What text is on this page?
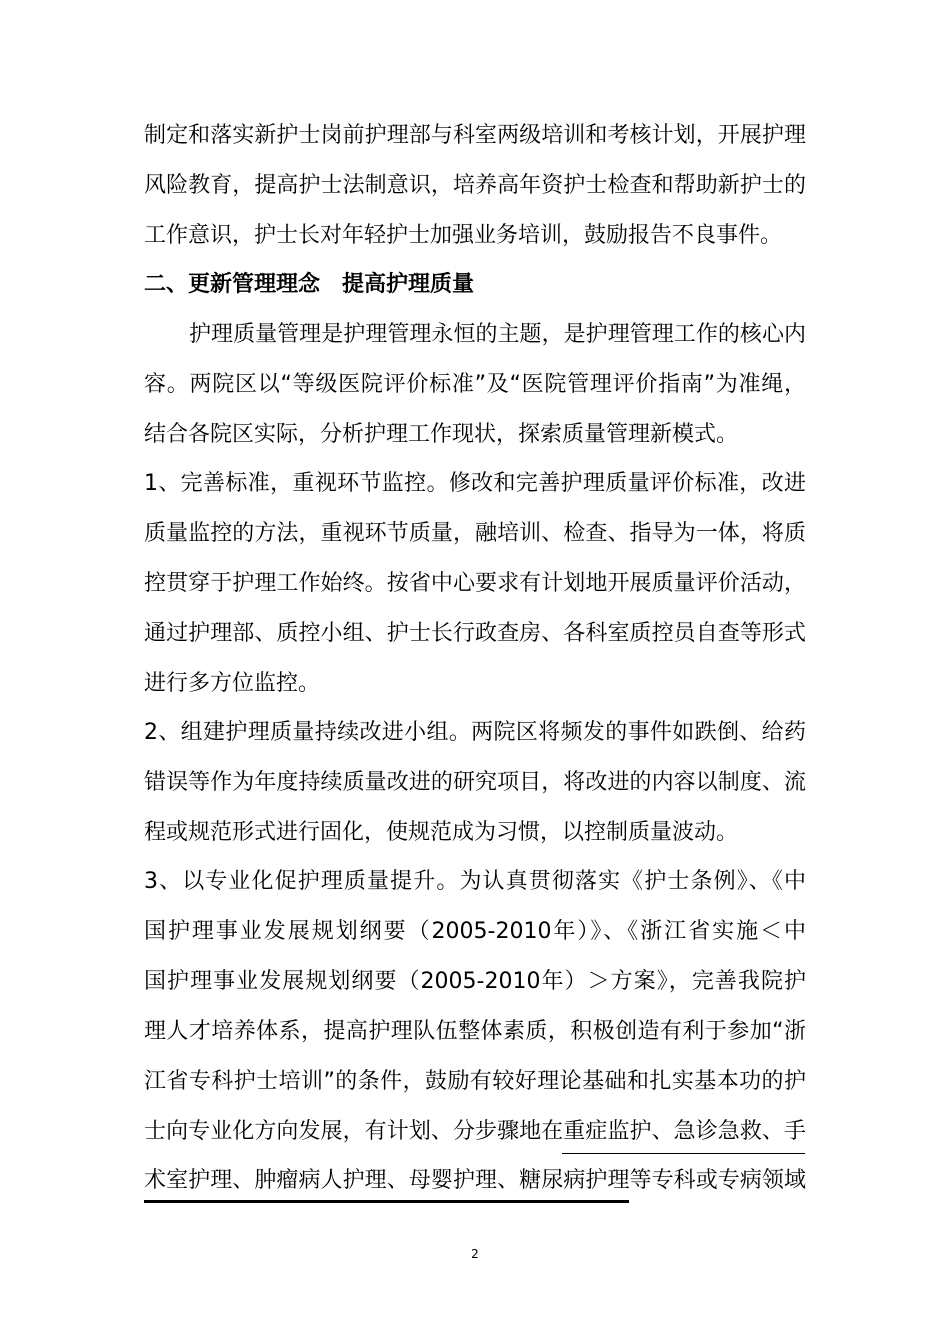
制定和落实新护士岗前护理部与科室两级培训和考核计划，开展护理
风险教育，提高护士法制意识，培养高年资护士检查和帮助新护士的
工作意识，护士长对年轻护士加强业务培训，鼓励报告不良事件。
二、更新管理理念　提高护理质量
护理质量管理是护理管理永恒的主题，是护理管理工作的核心内
容。两院区以“等级医院评价标准”及“医院管理评价指南”为准绳，
结合各院区实际，分析护理工作现状，探索质量管理新模式。
1、完善标准，重视环节监控。修改和完善护理质量评价标准，改进
质量监控的方法，重视环节质量，融培训、检查、指导为一体，将质
控贯穿于护理工作始终。按省中心要求有计划地开展质量评价活动，
通过护理部、质控小组、护士长行政查房、各科室质控员自查等形式
进行多方位监控。
2、组建护理质量持续改进小组。两院区将频发的事件如跌倒、给药
错误等作为年度持续质量改进的研究项目，将改进的内容以制度、流
程或规范形式进行固化，使规范成为习惯，以控制质量波动。
3、以专业化促护理质量提升。为认真贯彻落实《护士条例》、《中
国护理事业发展规划纲要（2005-2010年）》、《浙江省实施＜中
国护理事业发展规划纲要（2005-2010年）＞方案》，完善我院护
理人才培养体系，提高护理队伍整体素质，积极创造有利于参加“浙
江省专科护士培训”的条件，鼓励有较好理论基础和扎实基本功的护
士向专业化方向发展，有计划、分步骤地在重症监护、急诊急救、手
术室护理、肿瘤病人护理、母婴护理、糖尿病护理等专科或专病领域
2
